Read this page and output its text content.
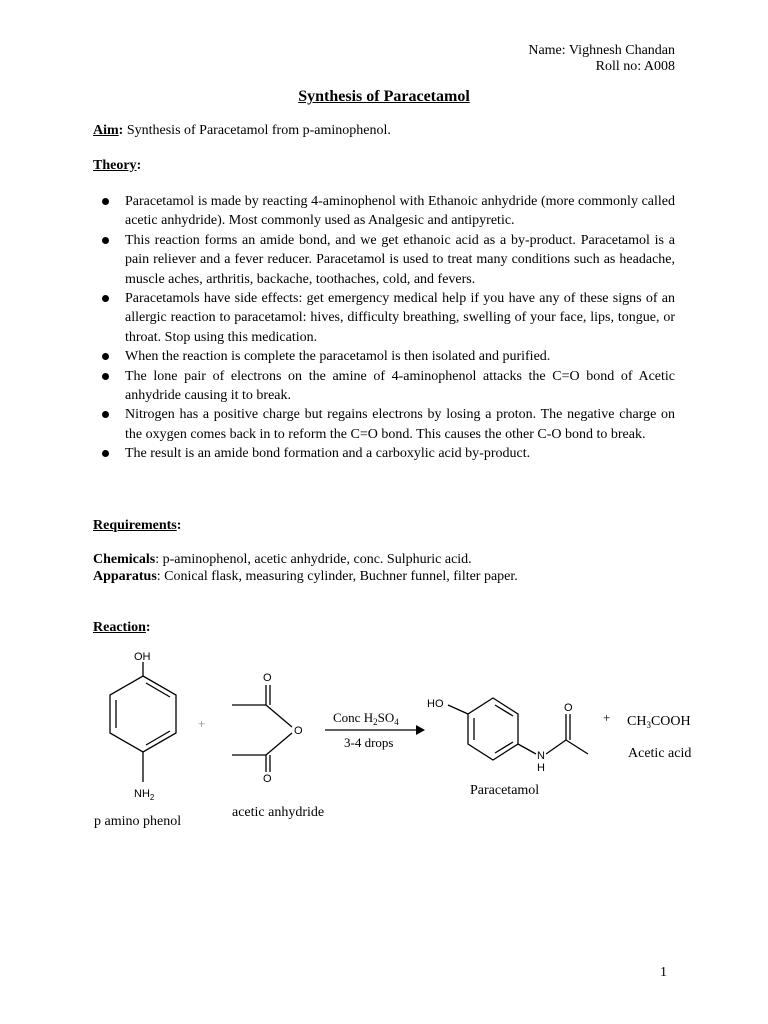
Name: Vighnesh Chandan
Roll no: A008
Synthesis of Paracetamol
Aim: Synthesis of Paracetamol from p-aminophenol.
Theory:
Paracetamol is made by reacting 4-aminophenol with Ethanoic anhydride (more commonly called acetic anhydride). Most commonly used as Analgesic and antipyretic.
This reaction forms an amide bond, and we get ethanoic acid as a by-product. Paracetamol is a pain reliever and a fever reducer. Paracetamol is used to treat many conditions such as headache, muscle aches, arthritis, backache, toothaches, cold, and fevers.
Paracetamols have side effects: get emergency medical help if you have any of these signs of an allergic reaction to paracetamol: hives, difficulty breathing, swelling of your face, lips, tongue, or throat. Stop using this medication.
When the reaction is complete the paracetamol is then isolated and purified.
The lone pair of electrons on the amine of 4-aminophenol attacks the C=O bond of Acetic anhydride causing it to break.
Nitrogen has a positive charge but regains electrons by losing a proton. The negative charge on the oxygen comes back in to reform the C=O bond. This causes the other C-O bond to break.
The result is an amide bond formation and a carboxylic acid by-product.
Requirements:
Chemicals: p-aminophenol, acetic anhydride, conc. Sulphuric acid.
Apparatus: Conical flask, measuring cylinder, Buchner funnel, filter paper.
Reaction:
OH
$NH_2$
O
O
O
HO	O
N
H
+
p amino phenol
acetic anhydride
Conc $H_2SO_4$
3-4 drops
Paracetamol
+ $CH_3COOH$
Acetic acid
1
